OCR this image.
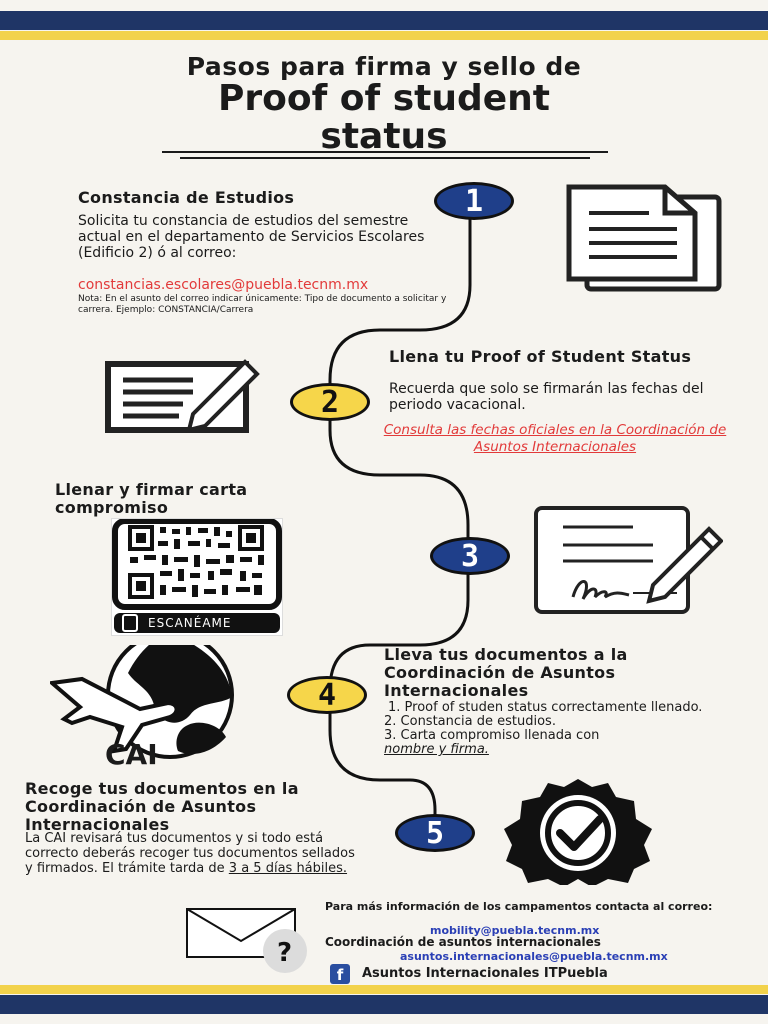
Pasos para firma y sello de
Proof of student
status
1
Constancia de Estudios
Solicita tu constancia de estudios del semestre actual en el departamento de Servicios Escolares (Edificio 2) ó al correo:
constancias.escolares@puebla.tecnm.mx
Nota: En el asunto del correo indicar únicamente: Tipo de documento a solicitar y carrera. Ejemplo: CONSTANCIA/Carrera
2
Llena tu Proof of Student Status
Recuerda que solo se firmarán las fechas del periodo vacacional.
Consulta las fechas oficiales en la Coordinación de Asuntos Internacionales
3
Llenar y firmar carta compromiso
ESCANÉAME
4
Lleva tus documentos a la Coordinación de Asuntos Internacionales
1. Proof of studen status correctamente llenado.
2. Constancia de estudios.
3. Carta compromiso llenada con
nombre y firma.
CAI
5
Recoge tus documentos en la Coordinación de Asuntos Internacionales
La CAI revisará tus documentos y si todo está correcto deberás recoger tus documentos sellados y firmados. El trámite tarda de 3 a 5 días hábiles.
?
Para más información de los campamentos contacta al correo:
mobility@puebla.tecnm.mx
Coordinación de asuntos internacionales
asuntos.internacionales@puebla.tecnm.mx
f	Asuntos Internacionales ITPuebla
